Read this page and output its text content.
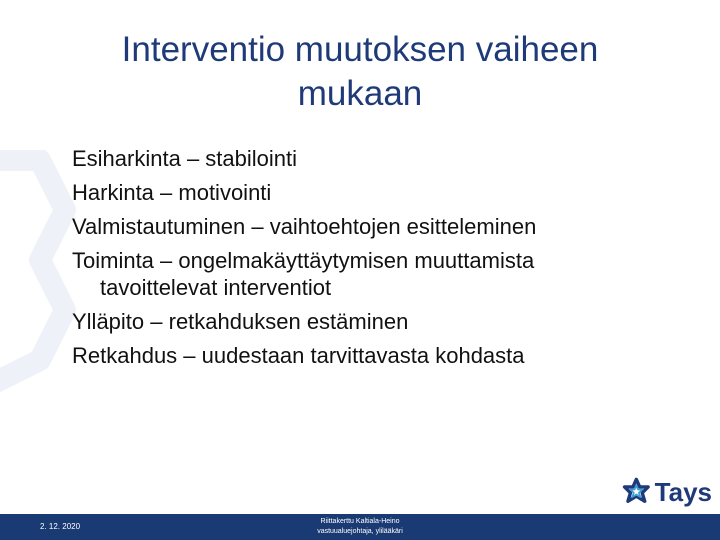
Interventio muutoksen vaiheen mukaan
Esiharkinta – stabilointi
Harkinta – motivointi
Valmistautuminen – vaihtoehtojen esitteleminen
Toiminta – ongelmakäyttäytymisen muuttamista
tavoittelevat interventiot
Ylläpito – retkahduksen estäminen
Retkahdus – uudestaan tarvittavasta kohdasta
Tays
2. 12. 2020
Riittakerttu Kaltiala-Heino
vastuualuejohtaja, ylilääkäri
